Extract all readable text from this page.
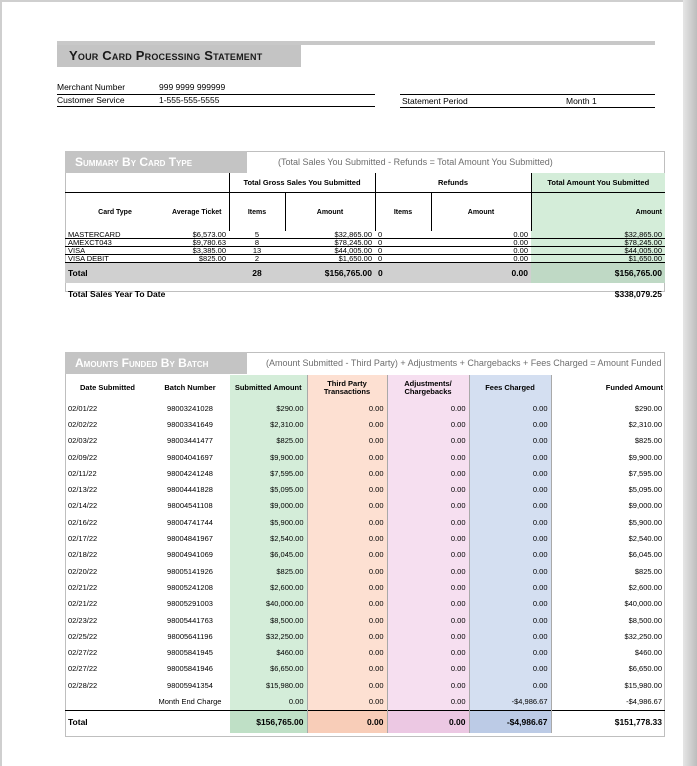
Your Card Processing Statement
Merchant Number	999 9999 999999
Customer Service	1-555-555-5555	Statement Period	Month 1
Summary By Card Type	(Total Sales You Submitted - Refunds = Total Amount You Submitted)
		Total Gross Sales You Submitted		Refunds		Total Amount You Submitted
Card Type	Average Ticket	Items	Amount	Items	Amount	Amount
MASTERCARD	$6,573.00	5	$32,865.00	0	0.00	$32,865.00
AMEXCT043	$9,780.63	8	$78,245.00	0	0.00	$78,245.00
VISA	$3,385.00	13	$44,005.00	0	0.00	$44,005.00
VISA DEBIT	$825.00	2	$1,650.00	0	0.00	$1,650.00
Total		28	$156,765.00	0	0.00	$156,765.00
Total Sales Year To Date						$338,079.25
Amounts Funded By Batch	(Amount Submitted - Third Party) + Adjustments + Chargebacks + Fees Charged = Amount Funded
Date Submitted	Batch Number	Submitted Amount	Third Party Transactions	Adjustments/ Chargebacks	Fees Charged	Funded Amount
02/01/22	98003241028	$290.00	0.00	0.00	0.00	$290.00
02/02/22	98003341649	$2,310.00	0.00	0.00	0.00	$2,310.00
02/03/22	98003441477	$825.00	0.00	0.00	0.00	$825.00
02/09/22	98004041697	$9,900.00	0.00	0.00	0.00	$9,900.00
02/11/22	98004241248	$7,595.00	0.00	0.00	0.00	$7,595.00
02/13/22	98004441828	$5,095.00	0.00	0.00	0.00	$5,095.00
02/14/22	98004541108	$9,000.00	0.00	0.00	0.00	$9,000.00
02/16/22	98004741744	$5,900.00	0.00	0.00	0.00	$5,900.00
02/17/22	98004841967	$2,540.00	0.00	0.00	0.00	$2,540.00
02/18/22	98004941069	$6,045.00	0.00	0.00	0.00	$6,045.00
02/20/22	98005141926	$825.00	0.00	0.00	0.00	$825.00
02/21/22	98005241208	$2,600.00	0.00	0.00	0.00	$2,600.00
02/21/22	98005291003	$40,000.00	0.00	0.00	0.00	$40,000.00
02/23/22	98005441763	$8,500.00	0.00	0.00	0.00	$8,500.00
02/25/22	98005641196	$32,250.00	0.00	0.00	0.00	$32,250.00
02/27/22	98005841945	$460.00	0.00	0.00	0.00	$460.00
02/27/22	98005841946	$6,650.00	0.00	0.00	0.00	$6,650.00
02/28/22	98005941354	$15,980.00	0.00	0.00	0.00	$15,980.00
	Month End Charge	0.00	0.00	0.00	-$4,986.67	-$4,986.67
Total		$156,765.00	0.00	0.00	-$4,986.67	$151,778.33
